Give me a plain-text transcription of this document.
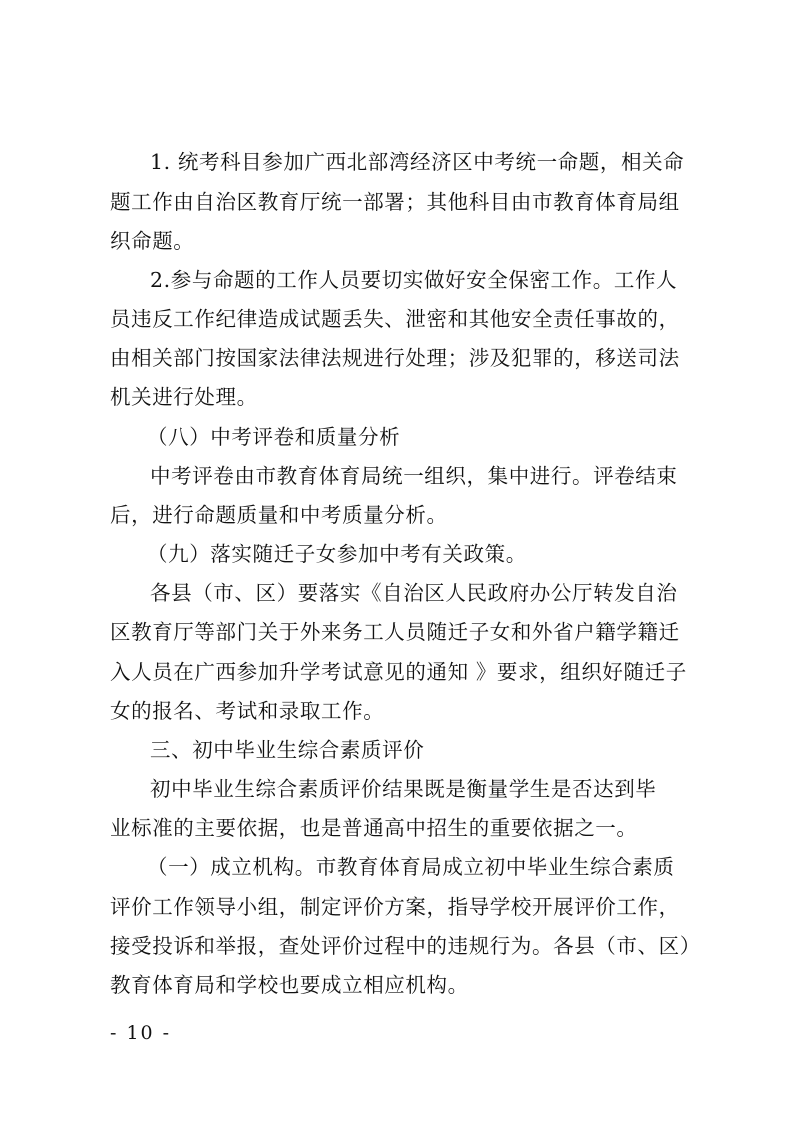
1. 统考科目参加广西北部湾经济区中考统一命题，相关命
题工作由自治区教育厅统一部署；其他科目由市教育体育局组
织命题。
2.参与命题的工作人员要切实做好安全保密工作。工作人
员违反工作纪律造成试题丢失、泄密和其他安全责任事故的，
由相关部门按国家法律法规进行处理；涉及犯罪的，移送司法
机关进行处理。
（八）中考评卷和质量分析
中考评卷由市教育体育局统一组织，集中进行。评卷结束
后，进行命题质量和中考质量分析。
（九）落实随迁子女参加中考有关政策。
各县（市、区）要落实《自治区人民政府办公厅转发自治
区教育厅等部门关于外来务工人员随迁子女和外省户籍学籍迁
入人员在广西参加升学考试意见的通知 》要求，组织好随迁子
女的报名、考试和录取工作。
三、初中毕业生综合素质评价
初中毕业生综合素质评价结果既是衡量学生是否达到毕
业标准的主要依据，也是普通高中招生的重要依据之一。
（一）成立机构。市教育体育局成立初中毕业生综合素质
评价工作领导小组，制定评价方案，指导学校开展评价工作，
接受投诉和举报，查处评价过程中的违规行为。各县（市、区）
教育体育局和学校也要成立相应机构。
- 10 -
